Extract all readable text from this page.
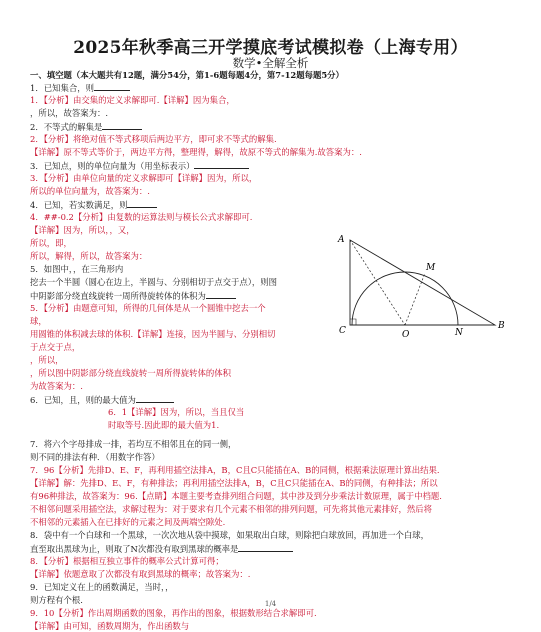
2025年秋季高三开学摸底考试模拟卷（上海专用）
数学•全解全析
一、填空题（本大题共有12题，满分54分，第1-6题每题4分，第7-12题每题5分）
1．已知集合，则
1．【分析】由交集的定义求解即可.【详解】因为集合，
，所以，故答案为：.
2．不等式的解集是
2．【分析】将绝对值不等式移项后两边平方，即可求不等式的解集.
【详解】原不等式等价于，两边平方得，整理得，解得，故原不等式的解集为.故答案为：.
3．已知点，则的单位向量为（用坐标表示）
3．【分析】由单位向量的定义求解即可【详解】因为，所以，
所以的单位向量为，故答案为：.
4．已知，若实数满足，则
4．##-0.2【分析】由复数的运算法则与模长公式求解即可.
【详解】因为，所以，，又，
所以，即，
所以，解得，所以，故答案为：
5．如图中，，在三角形内
挖去一个半圆（圆心在边上，半圆与、分别相切于点交于点），则图
中阴影部分绕直线旋转一周所得旋转体的体积为
5．【分析】由题意可知，所得的几何体是从一个圆锥中挖去一个
球，
用圆锥的体积减去球的体积.【详解】连接，因为半圆与、分别相切
于点交于点，
，所以，
，所以图中阴影部分绕直线旋转一周所得旋转体的体积
为故答案为：.
6．已知，且，则的最大值为
6．1【详解】因为，所以，当且仅当
时取等号.因此即的最大值为1.
7．将六个字母排成一排，若均互不相邻且在的同一侧，
则不同的排法有种．（用数字作答）
7．96【分析】先排D、E、F，再利用插空法排A，B，C且C只能插在A、B的同侧，根据乘法原理计算出结果.
【详解】解：先排D、E、F，有种排法；再利用插空法排A，B，C且C只能插在A、B的同侧，有种排法；所以
有96种排法，故答案为：96.【点睛】本题主要考查排列组合问题，其中涉及到分步乘法计数原理，属于中档题.
不相邻问题采用插空法，求解过程为：对于要求有几个元素不相邻的排列问题，可先将其他元素排好，然后将
不相邻的元素插入在已排好的元素之间及两端空隙处.
8．袋中有一个白球和一个黑球，一次次地从袋中摸球，如果取出白球，则除把白球放回，再加进一个白球，
直至取出黑球为止，则取了N次都没有取到黑球的概率是
8．【分析】根据相互独立事件的概率公式计算可得；
【详解】依题意取了次都没有取到黑球的概率；故答案为：.
9．已知定义在上的函数满足，当时，，
则方程有个根.
9．10【分析】作出周期函数的图象，再作出的图象，根据数形结合求解即可.
【详解】由可知，函数周期为，作出函数与
A
M
B
C	O	N
1/4
